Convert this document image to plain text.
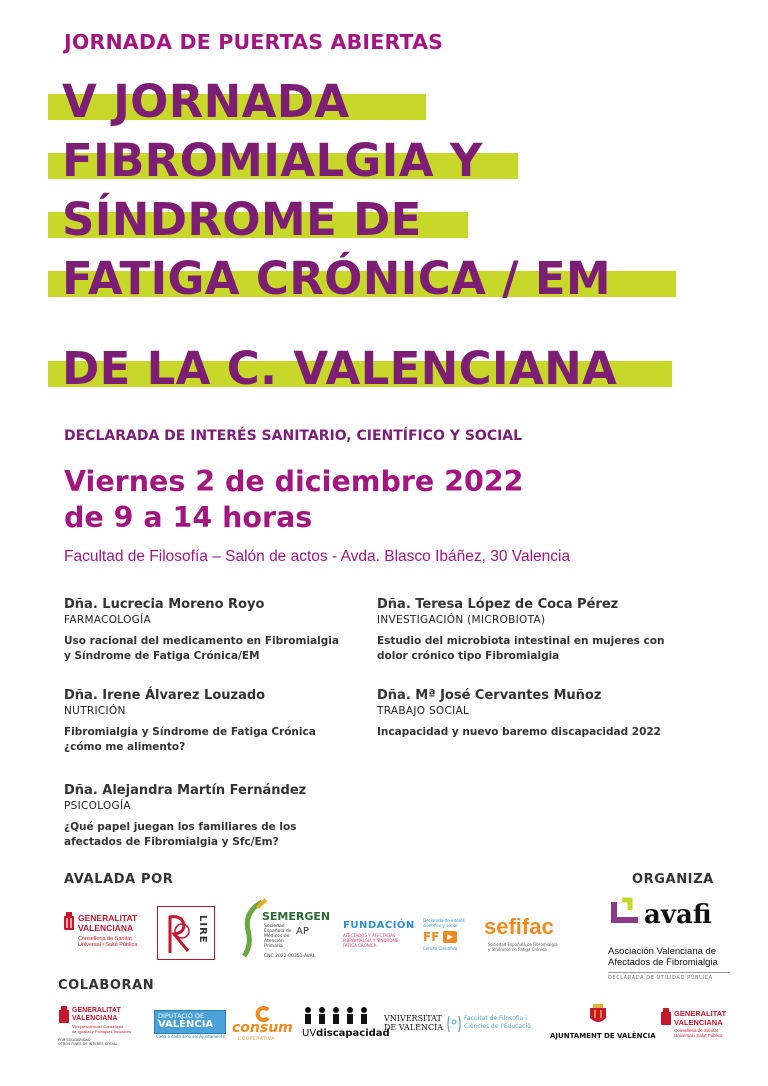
JORNADA DE PUERTAS ABIERTAS
V JORNADA
FIBROMIALGIA Y
SÍNDROME DE
FATIGA CRÓNICA / EM
DE LA C. VALENCIANA
DECLARADA DE INTERÉS SANITARIO, CIENTÍFICO Y SOCIAL
Viernes 2 de diciembre 2022
de 9 a 14 horas
Facultad de Filosofía – Salón de actos - Avda. Blasco Ibáñez, 30 Valencia
Dña. Lucrecia Moreno Royo
FARMACOLOGÍA
Uso racional del medicamento en Fibromialgia
y Síndrome de Fatiga Crónica/EM
Dña. Teresa López de Coca Pérez
INVESTIGACIÓN (MICROBIOTA)
Estudio del microbiota intestinal en mujeres con
dolor crónico tipo Fibromialgia
Dña. Irene Álvarez Louzado
NUTRICIÓN
Fibromialgia y Síndrome de Fatiga Crónica
¿cómo me alimento?
Dña. Mª José Cervantes Muñoz
TRABAJO SOCIAL
Incapacidad y nuevo baremo discapacidad 2022
Dña. Alejandra Martín Fernández
PSICOLOGÍA
¿Qué papel juegan los familiares de los
afectados de Fibromialgia y Sfc/Em?
AVALADA POR	ORGANIZA
COLABORAN
GENERALITAT
VALENCIANA
Conselleria de Sanitat
Universal i Salut Pública
LIRE	SEMERGEN
Sociedad
Española de
Médicos de
Atención
Primaria
AP
CNC 2022-00351-AVAL
FUNDACIÓN
AFECTADOS Y AFECTADAS
FIBROMIALGIA Y SÍNDROME
FATIGA CRÓNICA
Declarada de interés
científico y social
FF
Comité Científico
sefifac
Sociedad Española de Fibromialgia
y Síndrome de Fatiga Crónica
avafi
Asociación Valenciana de
Afectados de Fibromialgia
DECLARADA DE UTILIDAD PÚBLICA
GENERALITAT
VALENCIANA
Vicepresidència i Conselleria
de Igualtat y Polítiques Inclusives
POR SOLIDARIDAD
OTROS FINES DE INTERÉS SOCIAL
DIPUTACIÓ DE
VALÈNCIA
Cada a cada amb els Ajuntaments
consum
COOPERATIVA
UVdiscapacidad
VNIVERSITAT
DE VALÈNCIA
Facultat de Filosofia i
Ciències de l'Educació
AJUNTAMENT DE VALÈNCIA
GENERALITAT
VALENCIANA
Conselleria de Sanitat
Universal i Salut Pública
